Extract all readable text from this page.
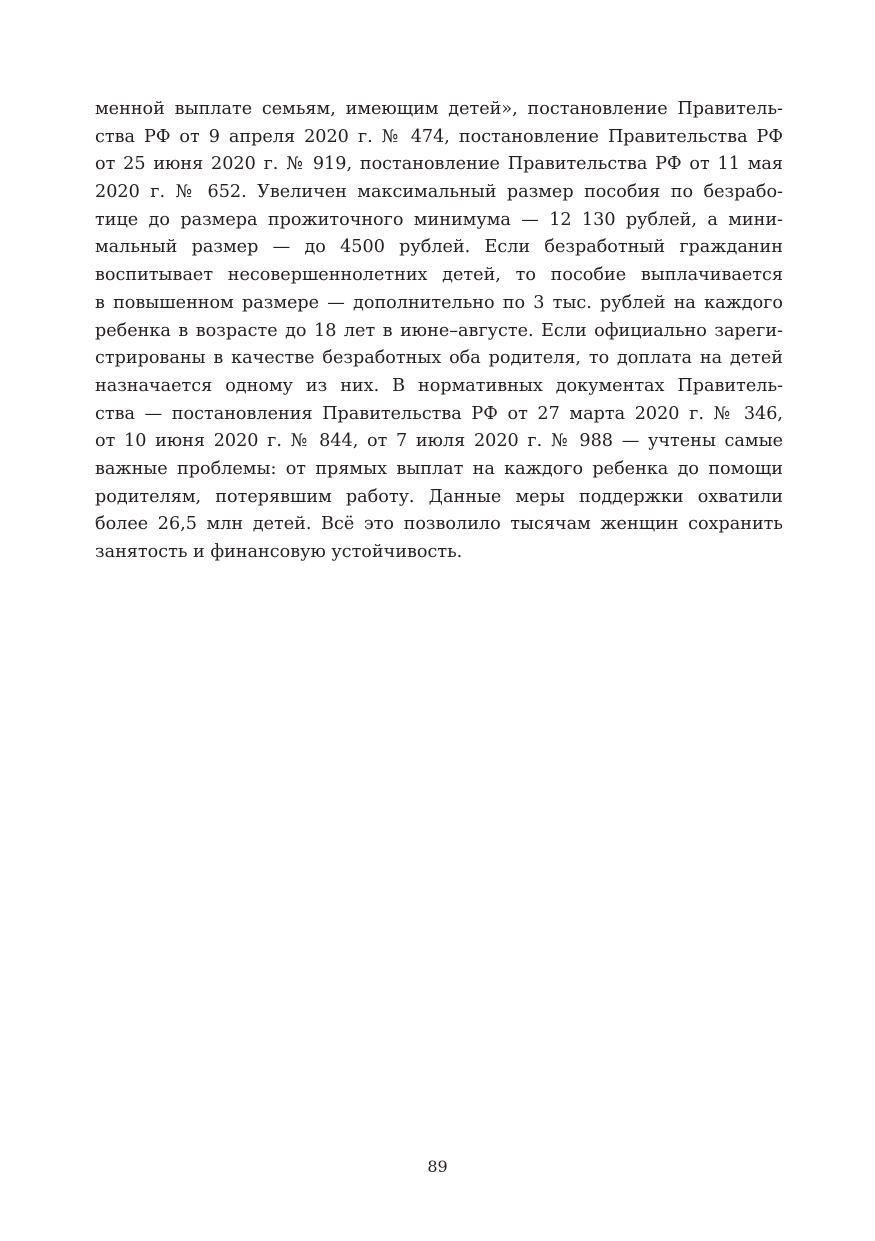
менной выплате семьям, имеющим детей», постановление Правитель-
ства РФ от 9 апреля 2020 г. № 474, постановление Правительства РФ
от 25 июня 2020 г. № 919, постановление Правительства РФ от 11 мая
2020 г. № 652. Увеличен максимальный размер пособия по безрабо-
тице до размера прожиточного минимума — 12 130 рублей, а мини-
мальный размер — до 4500 рублей. Если безработный гражданин
воспитывает несовершеннолетних детей, то пособие выплачивается
в повышенном размере — дополнительно по 3 тыс. рублей на каждого
ребенка в возрасте до 18 лет в июне–августе. Если официально зареги-
стрированы в качестве безработных оба родителя, то доплата на детей
назначается одному из них. В нормативных документах Правитель-
ства — постановления Правительства РФ от 27 марта 2020 г. № 346,
от 10 июня 2020 г. № 844, от 7 июля 2020 г. № 988 — учтены самые
важные проблемы: от прямых выплат на каждого ребенка до помощи
родителям, потерявшим работу. Данные меры поддержки охватили
более 26,5 млн детей. Всё это позволило тысячам женщин сохранить
занятость и финансовую устойчивость.
89
